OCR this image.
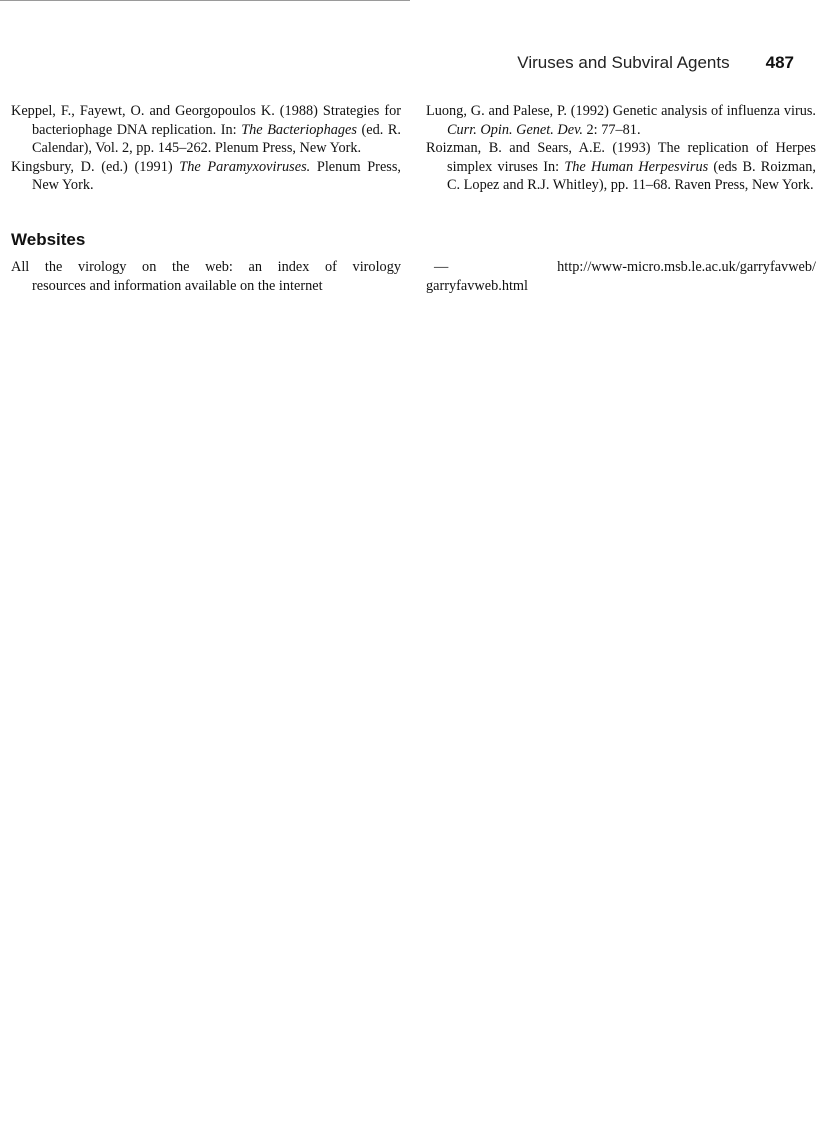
Viruses and Subviral Agents 487

Keppel, F., Fayewt, O. and Georgopoulos K. (1988) Strategies for bacteriophage DNA replication. In: The Bacteriophages (ed. R. Calendar), Vol. 2, pp. 145–262. Plenum Press, New York.

Kingsbury, D. (ed.) (1991) The Paramyxoviruses. Plenum Press, New York.

Luong, G. and Palese, P. (1992) Genetic analysis of influenza virus. Curr. Opin. Genet. Dev. 2: 77–81.

Roizman, B. and Sears, A.E. (1993) The replication of Herpes simplex viruses In: The Human Herpesvirus (eds B. Roizman, C. Lopez and R.J. Whitley), pp. 11–68. Raven Press, New York.

Websites
All the virology on the web: an index of virology
resources and information available on the internet
— http://www-micro.msb.le.ac.uk/garryfavweb/
garryfavweb.html
